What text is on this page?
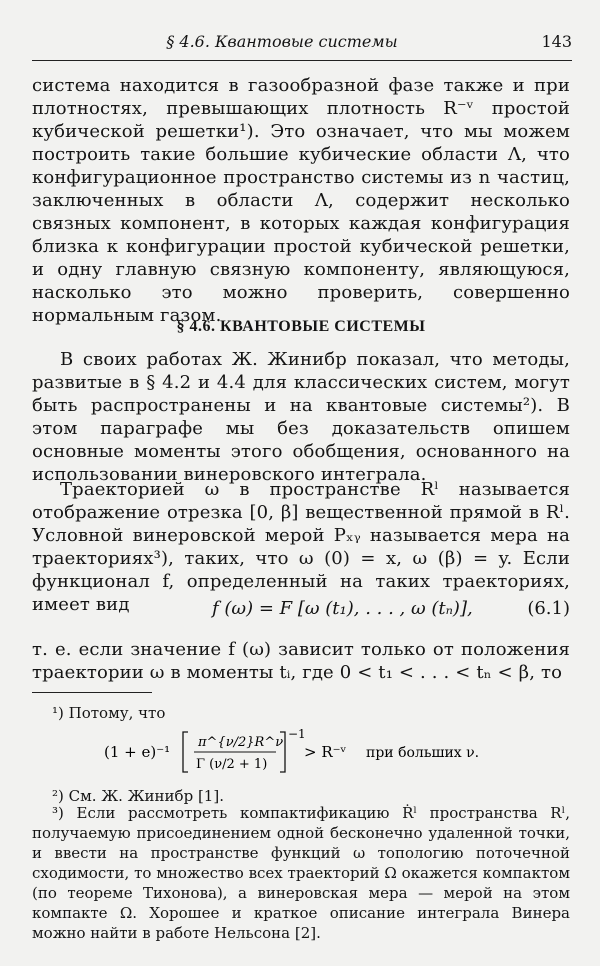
§ 4.6. Квантовые системы	143
система находится в газообразной фазе также и при плотностях, превышающих плотность R⁻ᵛ простой кубической решетки¹). Это означает, что мы можем построить такие большие кубические области Λ, что конфигурационное пространство системы из n частиц, заключенных в области Λ, содержит несколько связных компонент, в которых каждая конфигурация близка к конфигурации простой кубической решетки, и одну главную связную компоненту, являющуюся, насколько это можно проверить, совершенно нормальным газом.
§ 4.6. КВАНТОВЫЕ СИСТЕМЫ
В своих работах Ж. Жинибр показал, что методы, развитые в § 4.2 и 4.4 для классических систем, могут быть распространены и на квантовые системы²). В этом параграфе мы без доказательств опишем основные моменты этого обобщения, основанного на использовании винеровского интеграла.
Траекторией ω в пространстве Rˡ называется отображение отрезка [0, β] вещественной прямой в Rˡ. Условной винеровской мерой Pₓᵧ называется мера на траекториях³), таких, что ω (0) = x, ω (β) = y. Если функционал f, определенный на таких траекториях, имеет вид	f (ω) = F [ω (t₁), . . . , ω (tₙ)],	(6.1)
т. е. если значение f (ω) зависит только от положения траектории ω в моменты tᵢ, где 0 < t₁ < . . . < tₙ < β, то
¹) Потому, что
(1 + e)⁻¹
π^{ν/2}R^ν
Γ (ν/2 + 1)
−1
> R⁻ᵛ при больших ν.
²) См. Ж. Жинибр [1].
³) Если рассмотреть компактификацию Ṙˡ пространства Rˡ, получаемую присоединением одной бесконечно удаленной точки, и ввести на пространстве функций ω топологию поточечной сходимости, то множество всех траекторий Ω окажется компактом (по теореме Тихонова), а винеровская мера — мерой на этом компакте Ω. Хорошее и краткое описание интеграла Винера можно найти в работе Нельсона [2].
